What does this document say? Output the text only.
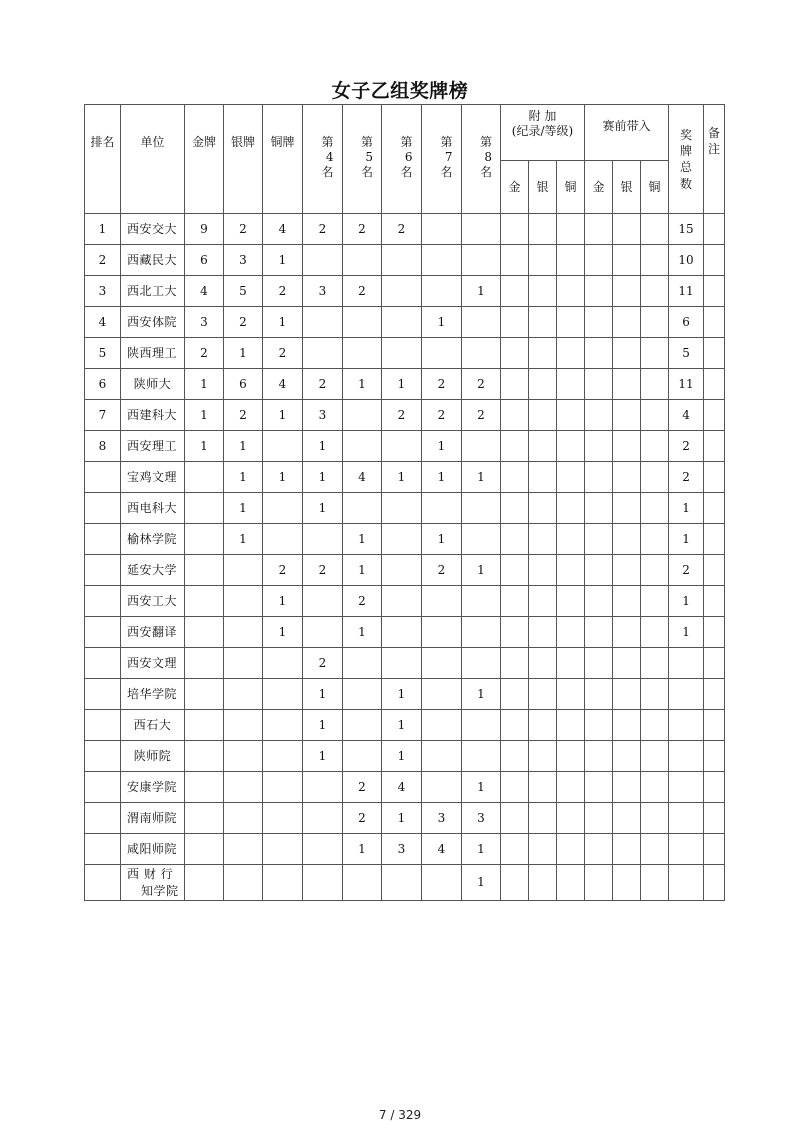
女子乙组奖牌榜
排名	单位	金牌	银牌	铜牌	第 4 名	第 5 名	第 6 名	第 7 名	第 8 名	附 加
(纪录/等级)			赛前带入			奖牌总数	备注

										金	银	铜	金	银	铜		
1	西安交大	9	2	4	2	2	2									15	
2	西藏民大	6	3	1												10	
3	西北工大	4	5	2	3	2			1							11	
4	西安体院	3	2	1				1								6	
5	陕西理工	2	1	2												5	
6	陕师大	1	6	4	2	1	1	2	2							11	
7	西建科大	1	2	1	3		2	2	2							4	
8	西安理工	1	1		1			1								2	
	宝鸡文理		1	1	1	4	1	1	1							2	
	西电科大		1		1											1	
	榆林学院		1			1		1								1	
	延安大学			2	2	1		2	1							2	
	西安工大			1		2										1	
	西安翻译			1		1										1	
	西安文理				2												
	培华学院				1		1		1								
	西石大				1		1										
	陕师院				1		1										
	安康学院					2	4		1								
	渭南师院					2	1	3	3								
	咸阳师院					1	3	4	1								

	西 财 行
知学院								1								
7 / 329
